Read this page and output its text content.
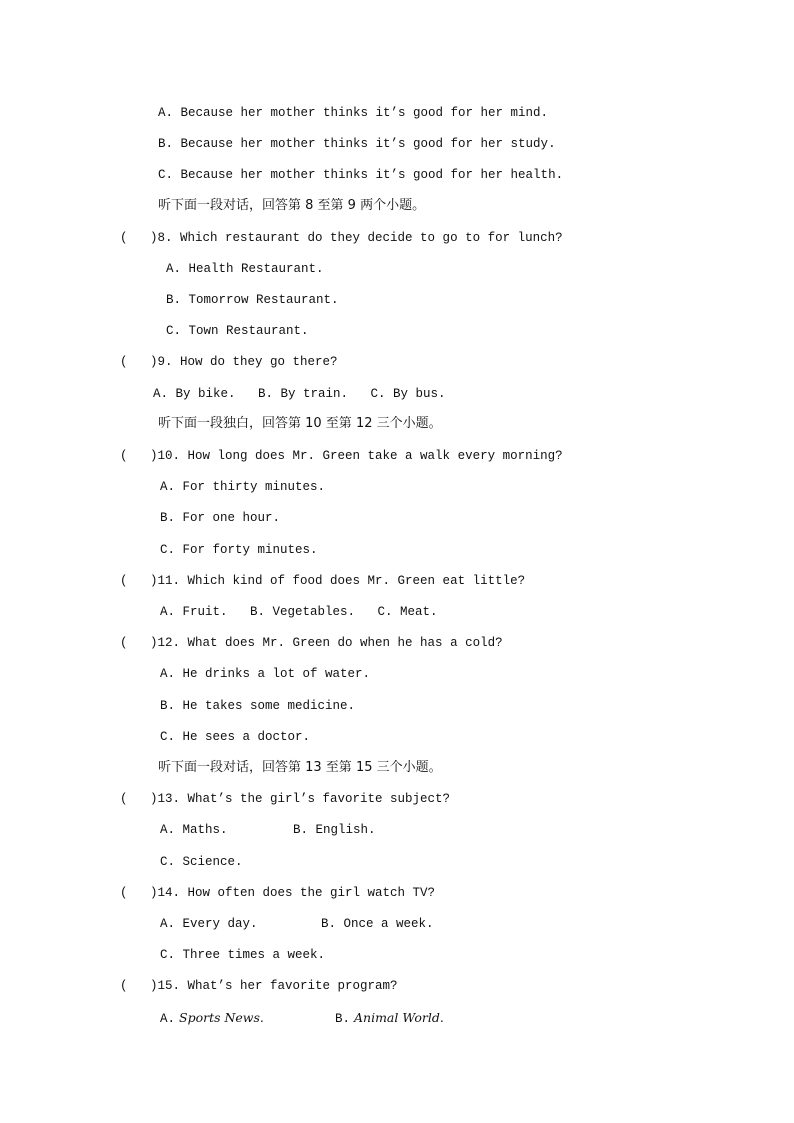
A. Because her mother thinks it’s good for her mind.
B. Because her mother thinks it’s good for her study.
C. Because her mother thinks it’s good for her health.
听下面一段对话，回答第 8 至第 9 两个小题。
(   )8. Which restaurant do they decide to go to for lunch?
A. Health Restaurant.
B. Tomorrow Restaurant.
C. Town Restaurant.
(   )9. How do they go there?
A. By bike.   B. By train.   C. By bus.
听下面一段独白，回答第 10 至第 12 三个小题。
(   )10. How long does Mr. Green take a walk every morning?
A. For thirty minutes.
B. For one hour.
C. For forty minutes.
(   )11. Which kind of food does Mr. Green eat little?
A. Fruit.   B. Vegetables.   C. Meat.
(   )12. What does Mr. Green do when he has a cold?
A. He drinks a lot of water.
B. He takes some medicine.
C. He sees a doctor.
听下面一段对话，回答第 13 至第 15 三个小题。
(   )13. What’s the girl’s favorite subject?
A. Maths.	B. English.
C. Science.
(   )14. How often does the girl watch TV?
A. Every day.	B. Once a week.
C. Three times a week.
(   )15. What’s her favorite program?
A. Sports News.	B. Animal World.
